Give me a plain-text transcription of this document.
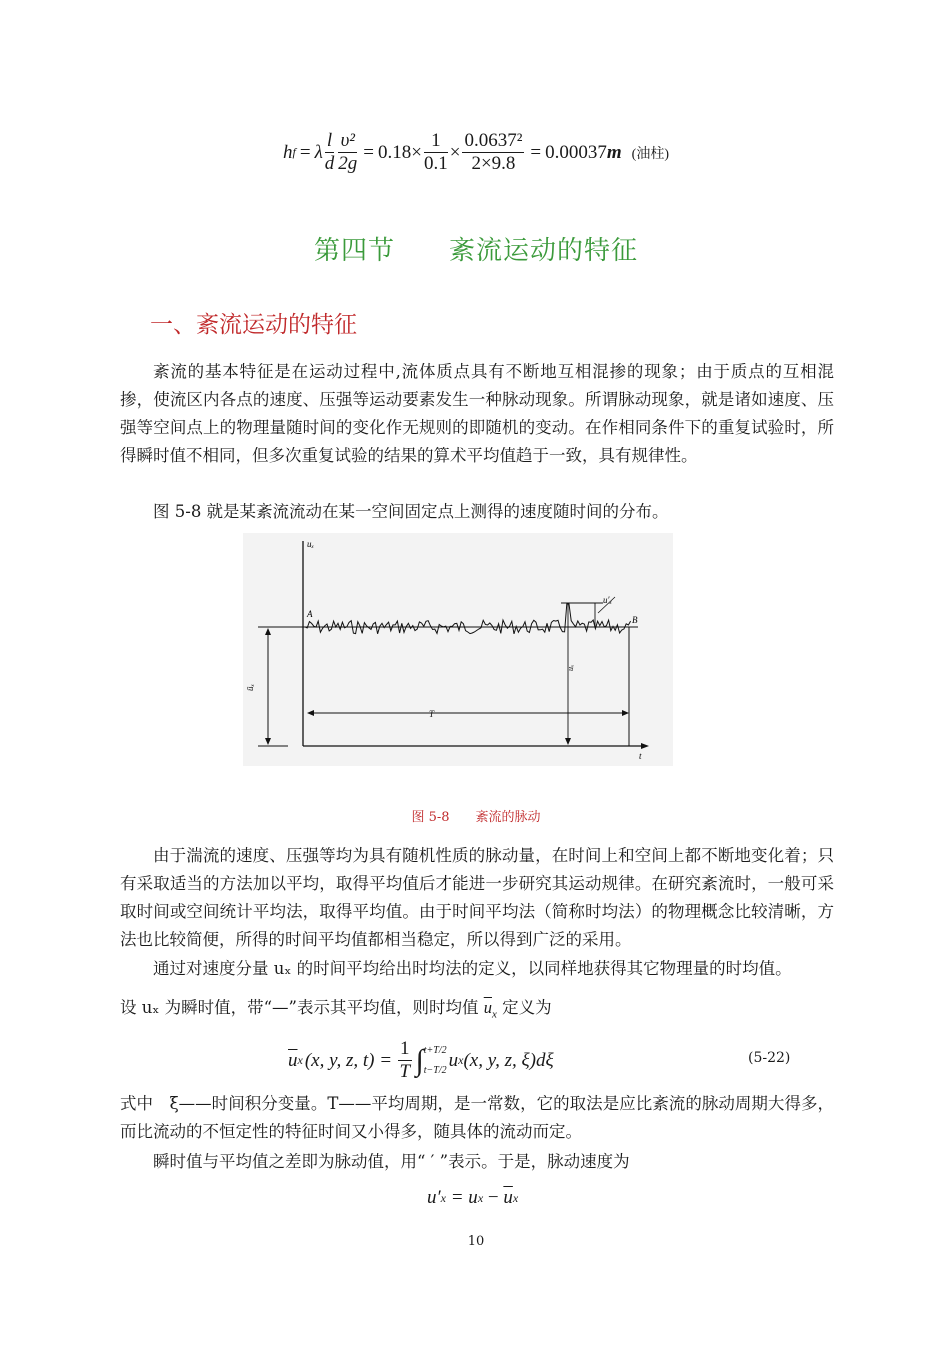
h f = λ $\frac{l}{d} \frac{\text{υ²}}{2g} = 0.18 \times \frac{1}{0.1} \times \frac{\text{0.0637²}}{2\times 9.8} = 0.00037$ m (油柱)
第四节　　紊流运动的特征
一、紊流运动的特征
紊流的基本特征是在运动过程中,流体质点具有不断地互相混掺的现象；由于质点的互相混掺，使流区内各点的速度、压强等运动要素发生一种脉动现象。所谓脉动现象，就是诸如速度、压强等空间点上的物理量随时间的变化作无规则的即随机的变动。在作相同条件下的重复试验时，所得瞬时值不相同，但多次重复试验的结果的算术平均值趋于一致，具有规律性。
图 5-8 就是某紊流流动在某一空间固定点上测得的速度随时间的分布。
uₓ
t
A
B
ūₓ
uₓ
u′ₓ
T
图 5-8　　紊流的脉动
由于湍流的速度、压强等均为具有随机性质的脉动量，在时间上和空间上都不断地变化着；只有采取适当的方法加以平均，取得平均值后才能进一步研究其运动规律。在研究紊流时，一般可采取时间或空间统计平均法，取得平均值。由于时间平均法（简称时均法）的物理概念比较清晰，方法也比较简便，所得的时间平均值都相当稳定，所以得到广泛的采用。
通过对速度分量 uₓ 的时间平均给出时均法的定义，以同样地获得其它物理量的时均值。
设 uₓ 为瞬时值，带“—”表示其平均值，则时均值 $\overline{u}_x$ 定义为
$\overline{u}$ x (x, y, z, $t) = \frac{1}{T}$ ∫ t+T/2
t−T/2 u x (x, y, z, ξ)dξ	(5-22)
式中　ξ——时间积分变量。T——平均周期，是一常数，它的取法是应比紊流的脉动周期大得多，而比流动的不恒定性的特征时间又小得多，随具体的流动而定。
瞬时值与平均值之差即为脉动值，用“ ′ ”表示。于是，脉动速度为
u′ x = u $x - \overline{u}$ x
10
